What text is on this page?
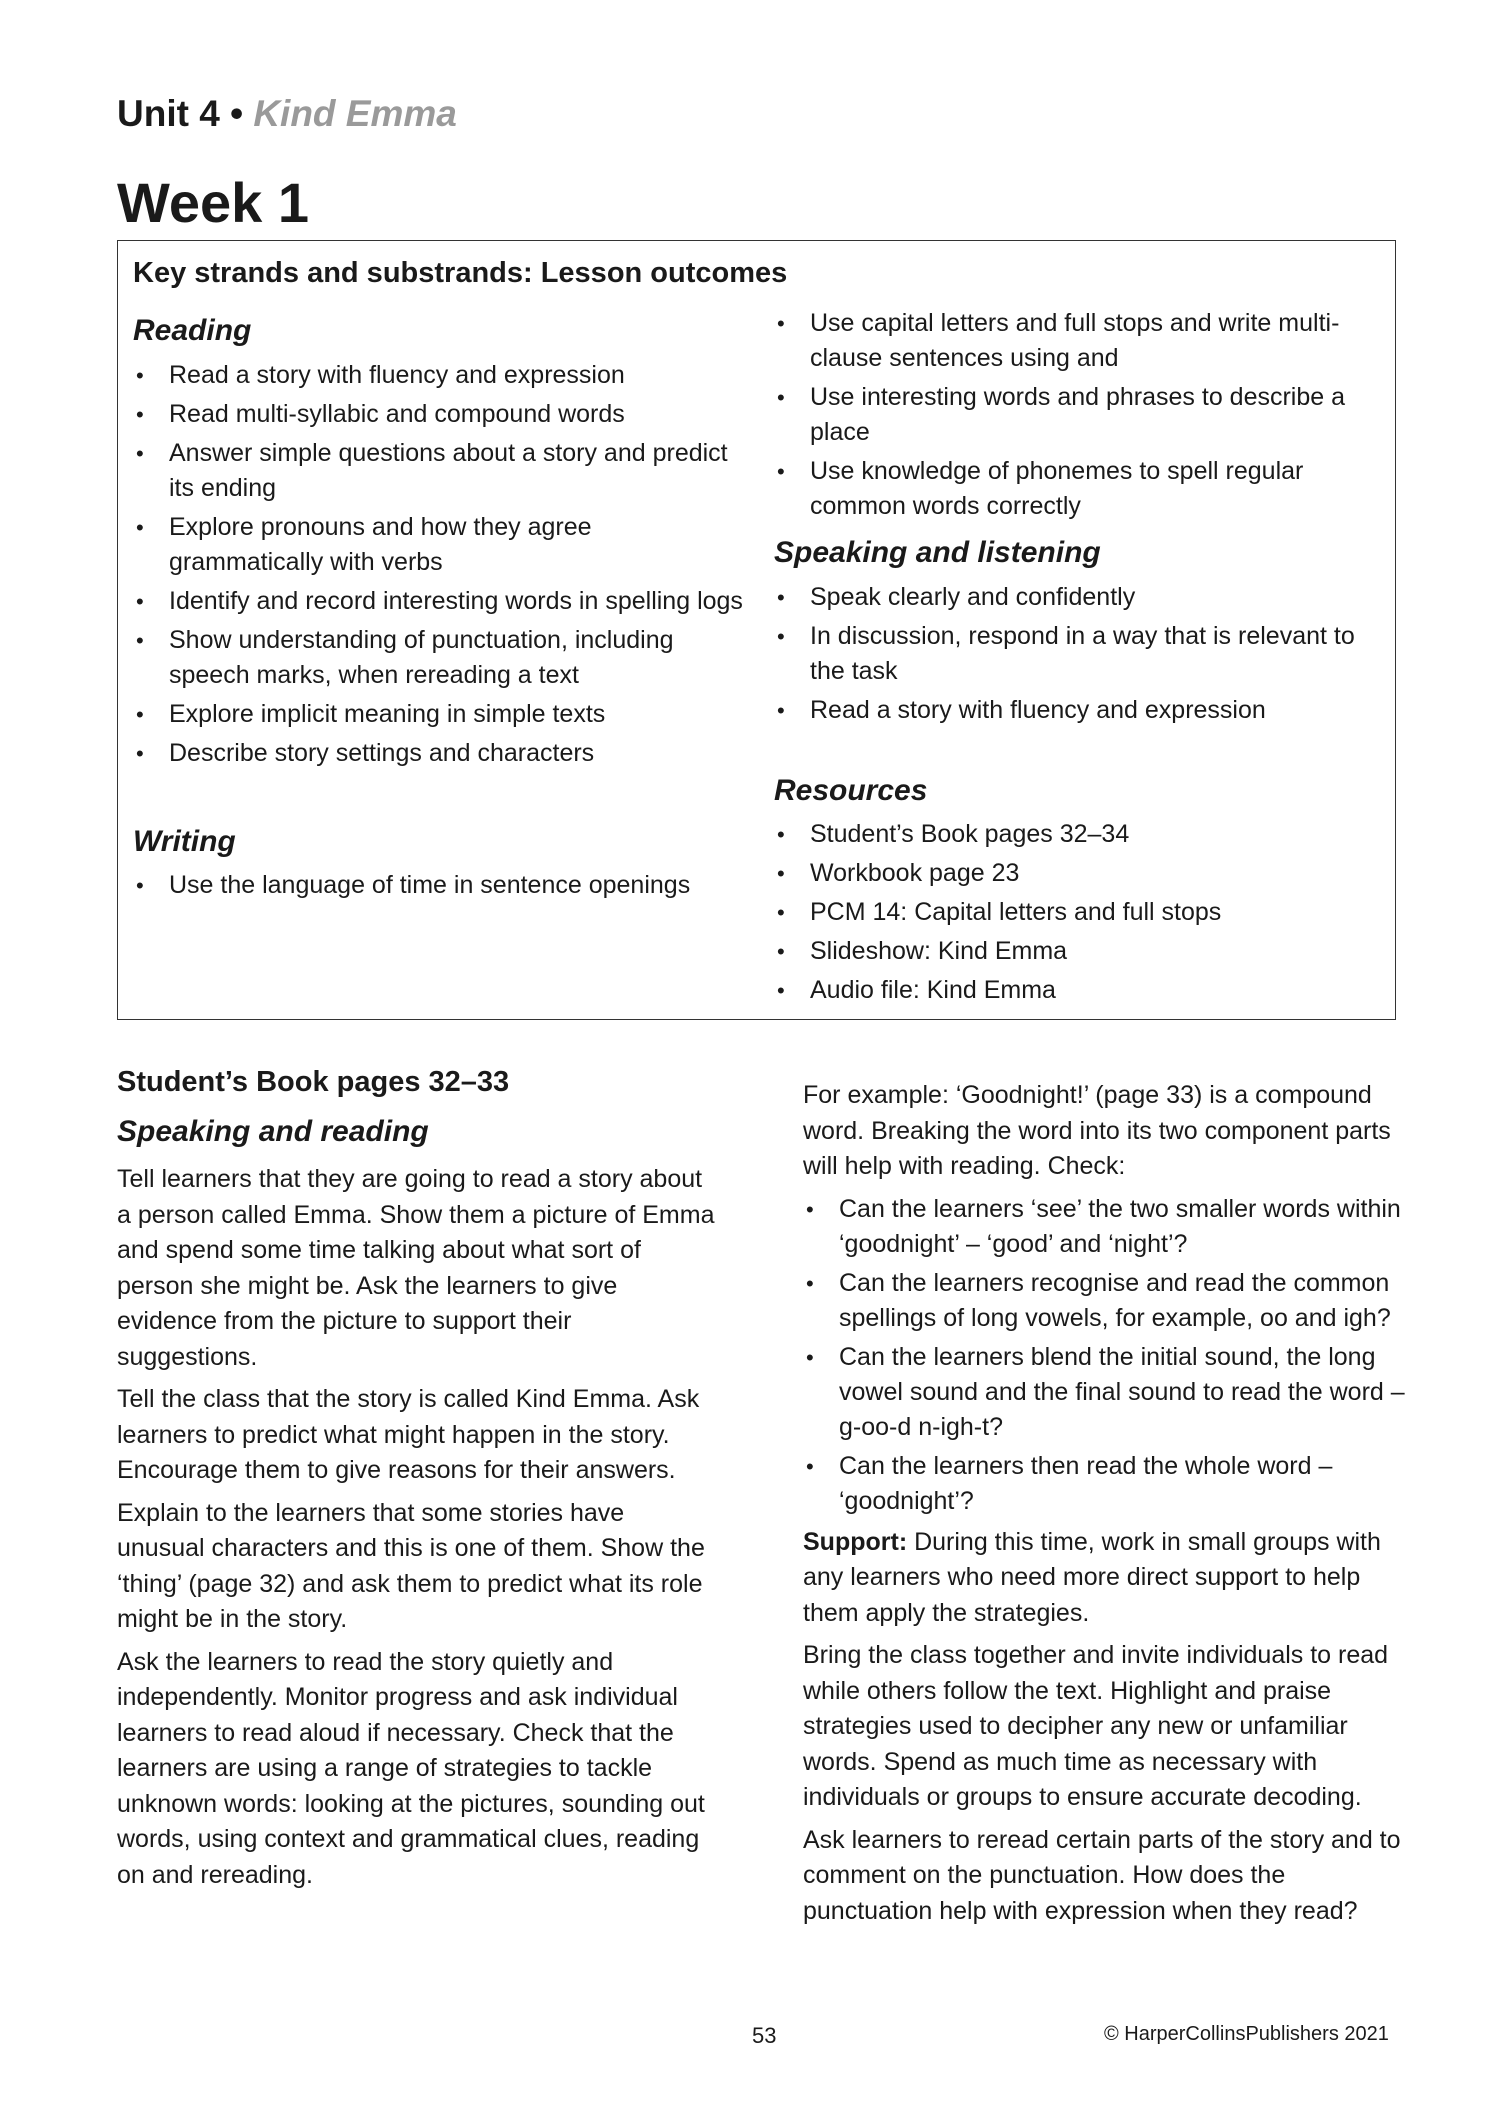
Unit 4 • Kind Emma
Week 1
Key strands and substrands: Lesson outcomes
Reading
• Read a story with fluency and expression
• Read multi-syllabic and compound words
• Answer simple questions about a story and predict its ending
• Explore pronouns and how they agree grammatically with verbs
• Identify and record interesting words in spelling logs
• Show understanding of punctuation, including speech marks, when rereading a text
• Explore implicit meaning in simple texts
• Describe story settings and characters
Writing
• Use the language of time in sentence openings
• Use capital letters and full stops and write multi-clause sentences using and
• Use interesting words and phrases to describe a place
• Use knowledge of phonemes to spell regular common words correctly
Speaking and listening
• Speak clearly and confidently
• In discussion, respond in a way that is relevant to the task
• Read a story with fluency and expression
Resources
• Student’s Book pages 32–34
• Workbook page 23
• PCM 14: Capital letters and full stops
• Slideshow: Kind Emma
• Audio file: Kind Emma
Student’s Book pages 32–33
Speaking and reading

Tell learners that they are going to read a story about a person called Emma. Show them a picture of Emma and spend some time talking about what sort of person she might be. Ask the learners to give evidence from the picture to support their suggestions.

Tell the class that the story is called Kind Emma. Ask learners to predict what might happen in the story. Encourage them to give reasons for their answers.

Explain to the learners that some stories have unusual characters and this is one of them. Show the ‘thing’ (page 32) and ask them to predict what its role might be in the story.

Ask the learners to read the story quietly and independently. Monitor progress and ask individual learners to read aloud if necessary. Check that the learners are using a range of strategies to tackle unknown words: looking at the pictures, sounding out words, using context and grammatical clues, reading on and rereading.

For example: ‘Goodnight!’ (page 33) is a compound word. Breaking the word into its two component parts will help with reading. Check:

• Can the learners ‘see’ the two smaller words within ‘goodnight’ – ‘good’ and ‘night’?
• Can the learners recognise and read the common spellings of long vowels, for example, oo and igh?
• Can the learners blend the initial sound, the long vowel sound and the final sound to read the word – g-oo-d n-igh-t?
• Can the learners then read the whole word – ‘goodnight’?

Support: During this time, work in small groups with any learners who need more direct support to help them apply the strategies.

Bring the class together and invite individuals to read while others follow the text. Highlight and praise strategies used to decipher any new or unfamiliar words. Spend as much time as necessary with individuals or groups to ensure accurate decoding.

Ask learners to reread certain parts of the story and to comment on the punctuation. How does the punctuation help with expression when they read?

53	© HarperCollinsPublishers 2021
